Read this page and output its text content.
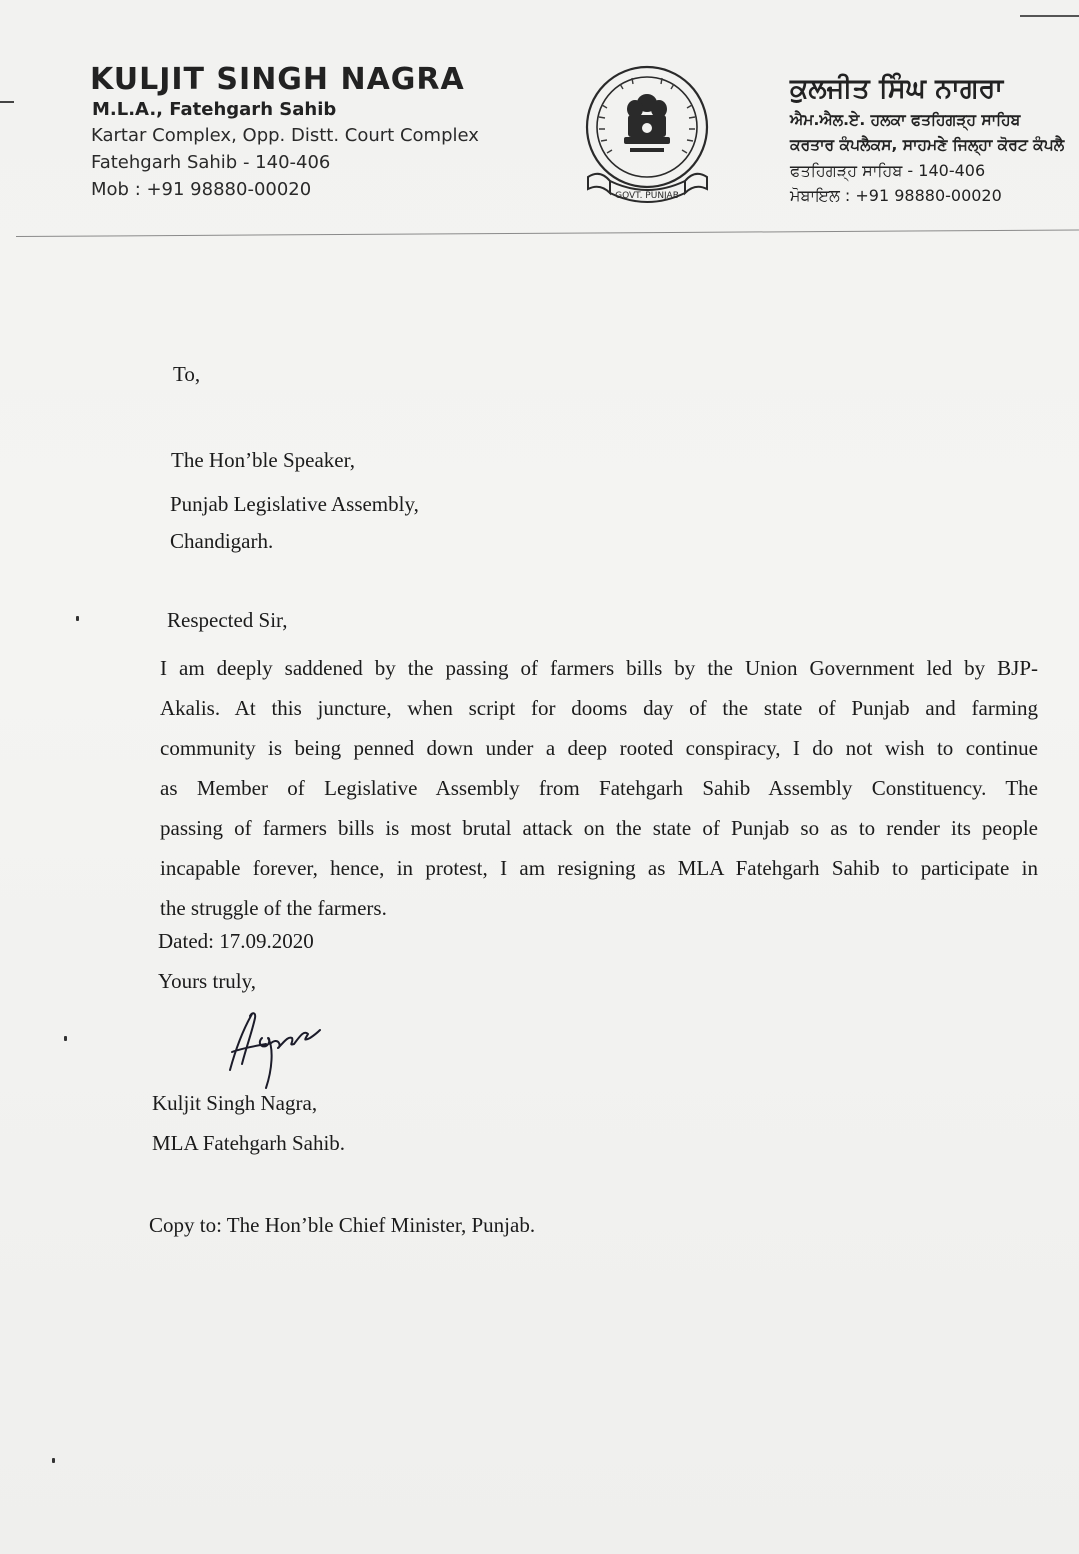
KULJIT SINGH NAGRA
M.L.A., Fatehgarh Sahib
Kartar Complex, Opp. Distt. Court Complex
Fatehgarh Sahib - 140-406
Mob : +91 98880-00020	GOVT. PUNJAB
ਕੁਲਜੀਤ ਸਿੰਘ ਨਾਗਰਾ
ਐਮ.ਐਲ.ਏ. ਹਲਕਾ ਫਤਹਿਗੜ੍ਹ ਸਾਹਿਬ
ਕਰਤਾਰ ਕੰਪਲੈਕਸ, ਸਾਹਮਣੇ ਜਿਲ੍ਹਾ ਕੋਰਟ ਕੰਪਲੈ
ਫਤਹਿਗੜ੍ਹ ਸਾਹਿਬ - 140-406
ਮੋਬਾਇਲ : +91 98880-00020
To,
The Hon’ble Speaker,
Punjab Legislative Assembly,
Chandigarh.
Respected Sir,
I am deeply saddened by the passing of farmers bills by the Union Government led by BJP-
Akalis. At this juncture, when script for dooms day of the state of Punjab and farming
community is being penned down under a deep rooted conspiracy, I do not wish to continue
as Member of Legislative Assembly from Fatehgarh Sahib Assembly Constituency. The
passing of farmers bills is most brutal attack on the state of Punjab so as to render its people
incapable forever, hence, in protest, I am resigning as MLA Fatehgarh Sahib to participate in
the struggle of the farmers.
Dated: 17.09.2020
Yours truly,
Kuljit Singh Nagra,
MLA Fatehgarh Sahib.
Copy to: The Hon’ble Chief Minister, Punjab.
